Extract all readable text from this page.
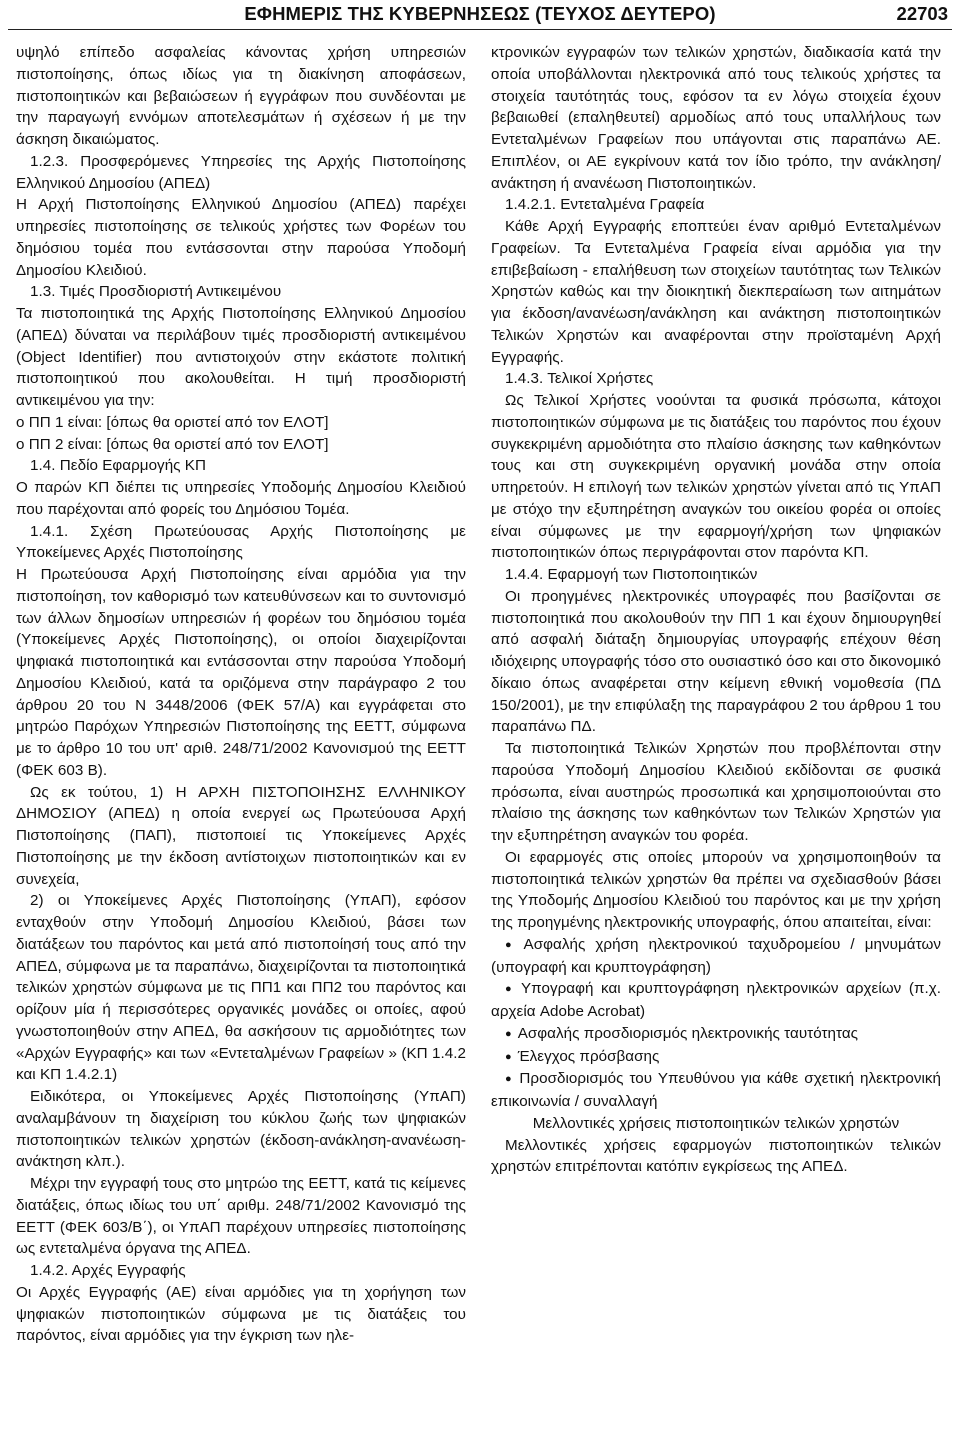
ΕΦΗΜΕΡΙΣ ΤΗΣ ΚΥΒΕΡΝΗΣΕΩΣ (ΤΕΥΧΟΣ ΔΕΥΤΕΡΟ)	22703

υψηλό επίπεδο ασφαλείας κάνοντας χρήση υπηρεσιών πιστοποίησης, όπως ιδίως για τη διακίνηση αποφάσεων, πιστοποιητικών και βεβαιώσεων ή εγγράφων που συνδέονται με την παραγωγή εννόμων αποτελεσμάτων ή σχέσεων ή με την άσκηση δικαιώματος.

1.2.3. Προσφερόμενες Υπηρεσίες της Αρχής Πιστοποίησης Ελληνικού Δημοσίου (ΑΠΕΔ)

Η Αρχή Πιστοποίησης Ελληνικού Δημοσίου (ΑΠΕΔ) παρέχει υπηρεσίες πιστοποίησης σε τελικούς χρήστες των Φορέων του δημόσιου τομέα που εντάσσονται στην παρούσα Υποδομή Δημοσίου Κλειδιού.

1.3. Τιμές Προσδιοριστή Αντικειμένου

Τα πιστοποιητικά της Αρχής Πιστοποίησης Ελληνικού Δημοσίου (ΑΠΕΔ) δύναται να περιλάβουν τιμές προσδιοριστή αντικειμένου (Object Identifier) που αντιστοιχούν στην εκάστοτε πολιτική πιστοποιητικού που ακολουθείται. Η τιμή προσδιοριστή αντικειμένου για την:

ο ΠΠ 1 είναι: [όπως θα οριστεί από τον ΕΛΟΤ]

ο ΠΠ 2 είναι: [όπως θα οριστεί από τον ΕΛΟΤ]

1.4. Πεδίο Εφαρμογής ΚΠ

Ο παρών ΚΠ διέπει τις υπηρεσίες Υποδομής Δημοσίου Κλειδιού που παρέχονται από φορείς του Δημόσιου Τομέα.

1.4.1. Σχέση Πρωτεύουσας Αρχής Πιστοποίησης με Υποκείμενες Αρχές Πιστοποίησης

Η Πρωτεύουσα Αρχή Πιστοποίησης είναι αρμόδια για την πιστοποίηση, τον καθορισμό των κατευθύνσεων και το συντονισμό των άλλων δημοσίων υπηρεσιών ή φορέων του δημόσιου τομέα (Υποκείμενες Αρχές Πιστοποίησης), οι οποίοι διαχειρίζονται ψηφιακά πιστοποιητικά και εντάσσονται στην παρούσα Υποδομή Δημοσίου Κλειδιού, κατά τα οριζόμενα στην παράγραφο 2 του άρθρου 20 του Ν 3448/2006 (ΦΕΚ 57/Α) και εγγράφεται στο μητρώο Παρόχων Υπηρεσιών Πιστοποίησης της ΕΕΤΤ, σύμφωνα με το άρθρο 10 του υπ' αριθ. 248/71/2002 Κανονισμού της ΕΕΤΤ (ΦΕΚ 603 Β).

Ως εκ τούτου, 1) Η ΑΡΧΗ ΠΙΣΤΟΠΟΙΗΣΗΣ ΕΛΛΗΝΙΚΟΥ ΔΗΜΟΣΙΟΥ (ΑΠΕΔ) η οποία ενεργεί ως Πρωτεύουσα Αρχή Πιστοποίησης (ΠΑΠ), πιστοποιεί τις Υποκείμενες Αρχές Πιστοποίησης με την έκδοση αντίστοιχων πιστοποιητικών και εν συνεχεία,

2) οι Υποκείμενες Αρχές Πιστοποίησης (ΥπΑΠ), εφόσον ενταχθούν στην Υποδομή Δημοσίου Κλειδιού, βάσει των διατάξεων του παρόντος και μετά από πιστοποίησή τους από την ΑΠΕΔ, σύμφωνα με τα παραπάνω, διαχειρίζονται τα πιστοποιητικά τελικών χρηστών σύμφωνα με τις ΠΠ1 και ΠΠ2 του παρόντος και ορίζουν μία ή περισσότερες οργανικές μονάδες οι οποίες, αφού γνωστοποιηθούν στην ΑΠΕΔ, θα ασκήσουν τις αρμοδιότητες των «Αρχών Εγγραφής» και των «Εντεταλμένων Γραφείων » (ΚΠ 1.4.2 και ΚΠ 1.4.2.1)

Ειδικότερα, οι Υποκείμενες Αρχές Πιστοποίησης (ΥπΑΠ) αναλαμβάνουν τη διαχείριση του κύκλου ζωής των ψηφιακών πιστοποιητικών τελικών χρηστών (έκδοση-ανάκληση-ανανέωση-ανάκτηση κλπ.).

Μέχρι την εγγραφή τους στο μητρώο της ΕΕΤΤ, κατά τις κείμενες διατάξεις, όπως ιδίως του υπ΄ αριθμ. 248/71/2002 Κανονισμό της ΕΕΤΤ (ΦΕΚ 603/Β΄), οι ΥπΑΠ παρέχουν υπηρεσίες πιστοποίησης ως εντεταλμένα όργανα της ΑΠΕΔ.

1.4.2. Αρχές Εγγραφής

Οι Αρχές Εγγραφής (ΑΕ) είναι αρμόδιες για τη χορήγηση των ψηφιακών πιστοποιητικών σύμφωνα με τις διατάξεις του παρόντος, είναι αρμόδιες για την έγκριση των ηλε-

κτρονικών εγγραφών των τελικών χρηστών, διαδικασία κατά την οποία υποβάλλονται ηλεκτρονικά από τους τελικούς χρήστες τα στοιχεία ταυτότητάς τους, εφόσον τα εν λόγω στοιχεία έχουν βεβαιωθεί (επαληθευτεί) αρμοδίως από τους υπαλλήλους των Εντεταλμένων Γραφείων που υπάγονται στις παραπάνω ΑΕ. Επιπλέον, οι ΑΕ εγκρίνουν κατά τον ίδιο τρόπο, την ανάκληση/ ανάκτηση ή ανανέωση Πιστοποιητικών.

1.4.2.1. Εντεταλμένα Γραφεία

Κάθε Αρχή Εγγραφής εποπτεύει έναν αριθμό Εντεταλμένων Γραφείων. Τα Εντεταλμένα Γραφεία είναι αρμόδια για την επιβεβαίωση - επαλήθευση των στοιχείων ταυτότητας των Τελικών Χρηστών καθώς και την διοικητική διεκπεραίωση των αιτημάτων για έκδοση/ανανέωση/ανάκληση και ανάκτηση πιστοποιητικών Τελικών Χρηστών και αναφέρονται στην προϊσταμένη Αρχή Εγγραφής.

1.4.3. Τελικοί Χρήστες

Ως Τελικοί Χρήστες νοούνται τα φυσικά πρόσωπα, κάτοχοι πιστοποιητικών σύμφωνα με τις διατάξεις του παρόντος που έχουν συγκεκριμένη αρμοδιότητα στο πλαίσιο άσκησης των καθηκόντων τους και στη συγκεκριμένη οργανική μονάδα στην οποία υπηρετούν. Η επιλογή των τελικών χρηστών γίνεται από τις ΥπΑΠ με στόχο την εξυπηρέτηση αναγκών του οικείου φορέα οι οποίες είναι σύμφωνες με την εφαρμογή/χρήση των ψηφιακών πιστοποιητικών όπως περιγράφονται στον παρόντα ΚΠ.

1.4.4. Εφαρμογή των Πιστοποιητικών

Οι προηγμένες ηλεκτρονικές υπογραφές που βασίζονται σε πιστοποιητικά που ακολουθούν την ΠΠ 1 και έχουν δημιουργηθεί από ασφαλή διάταξη δημιουργίας υπογραφής επέχουν θέση ιδιόχειρης υπογραφής τόσο στο ουσιαστικό όσο και στο δικονομικό δίκαιο όπως αναφέρεται στην κείμενη εθνική νομοθεσία (ΠΔ 150/2001), με την επιφύλαξη της παραγράφου 2 του άρθρου 1 του παραπάνω ΠΔ.

Τα πιστοποιητικά Τελικών Χρηστών που προβλέπονται στην παρούσα Υποδομή Δημοσίου Κλειδιού εκδίδονται σε φυσικά πρόσωπα, είναι αυστηρώς προσωπικά και χρησιμοποιούνται στο πλαίσιο της άσκησης των καθηκόντων των Τελικών Χρηστών για την εξυπηρέτηση αναγκών του φορέα.

Οι εφαρμογές στις οποίες μπορούν να χρησιμοποιηθούν τα πιστοποιητικά τελικών χρηστών θα πρέπει να σχεδιασθούν βάσει της Υποδομής Δημοσίου Κλειδιού του παρόντος και με την χρήση της προηγμένης ηλεκτρονικής υπογραφής, όπου απαιτείται, είναι:

● Ασφαλής χρήση ηλεκτρονικού ταχυδρομείου / μηνυμάτων (υπογραφή και κρυπτογράφηση)

● Υπογραφή και κρυπτογράφηση ηλεκτρονικών αρχείων (π.χ. αρχεία Adobe Acrobat)

● Ασφαλής προσδιορισμός ηλεκτρονικής ταυτότητας

● Έλεγχος πρόσβασης

● Προσδιορισμός του Υπευθύνου για κάθε σχετική ηλεκτρονική επικοινωνία / συναλλαγή

Μελλοντικές χρήσεις πιστοποιητικών τελικών χρηστών

Μελλοντικές χρήσεις εφαρμογών πιστοποιητικών τελικών χρηστών επιτρέπονται κατόπιν εγκρίσεως της ΑΠΕΔ.
